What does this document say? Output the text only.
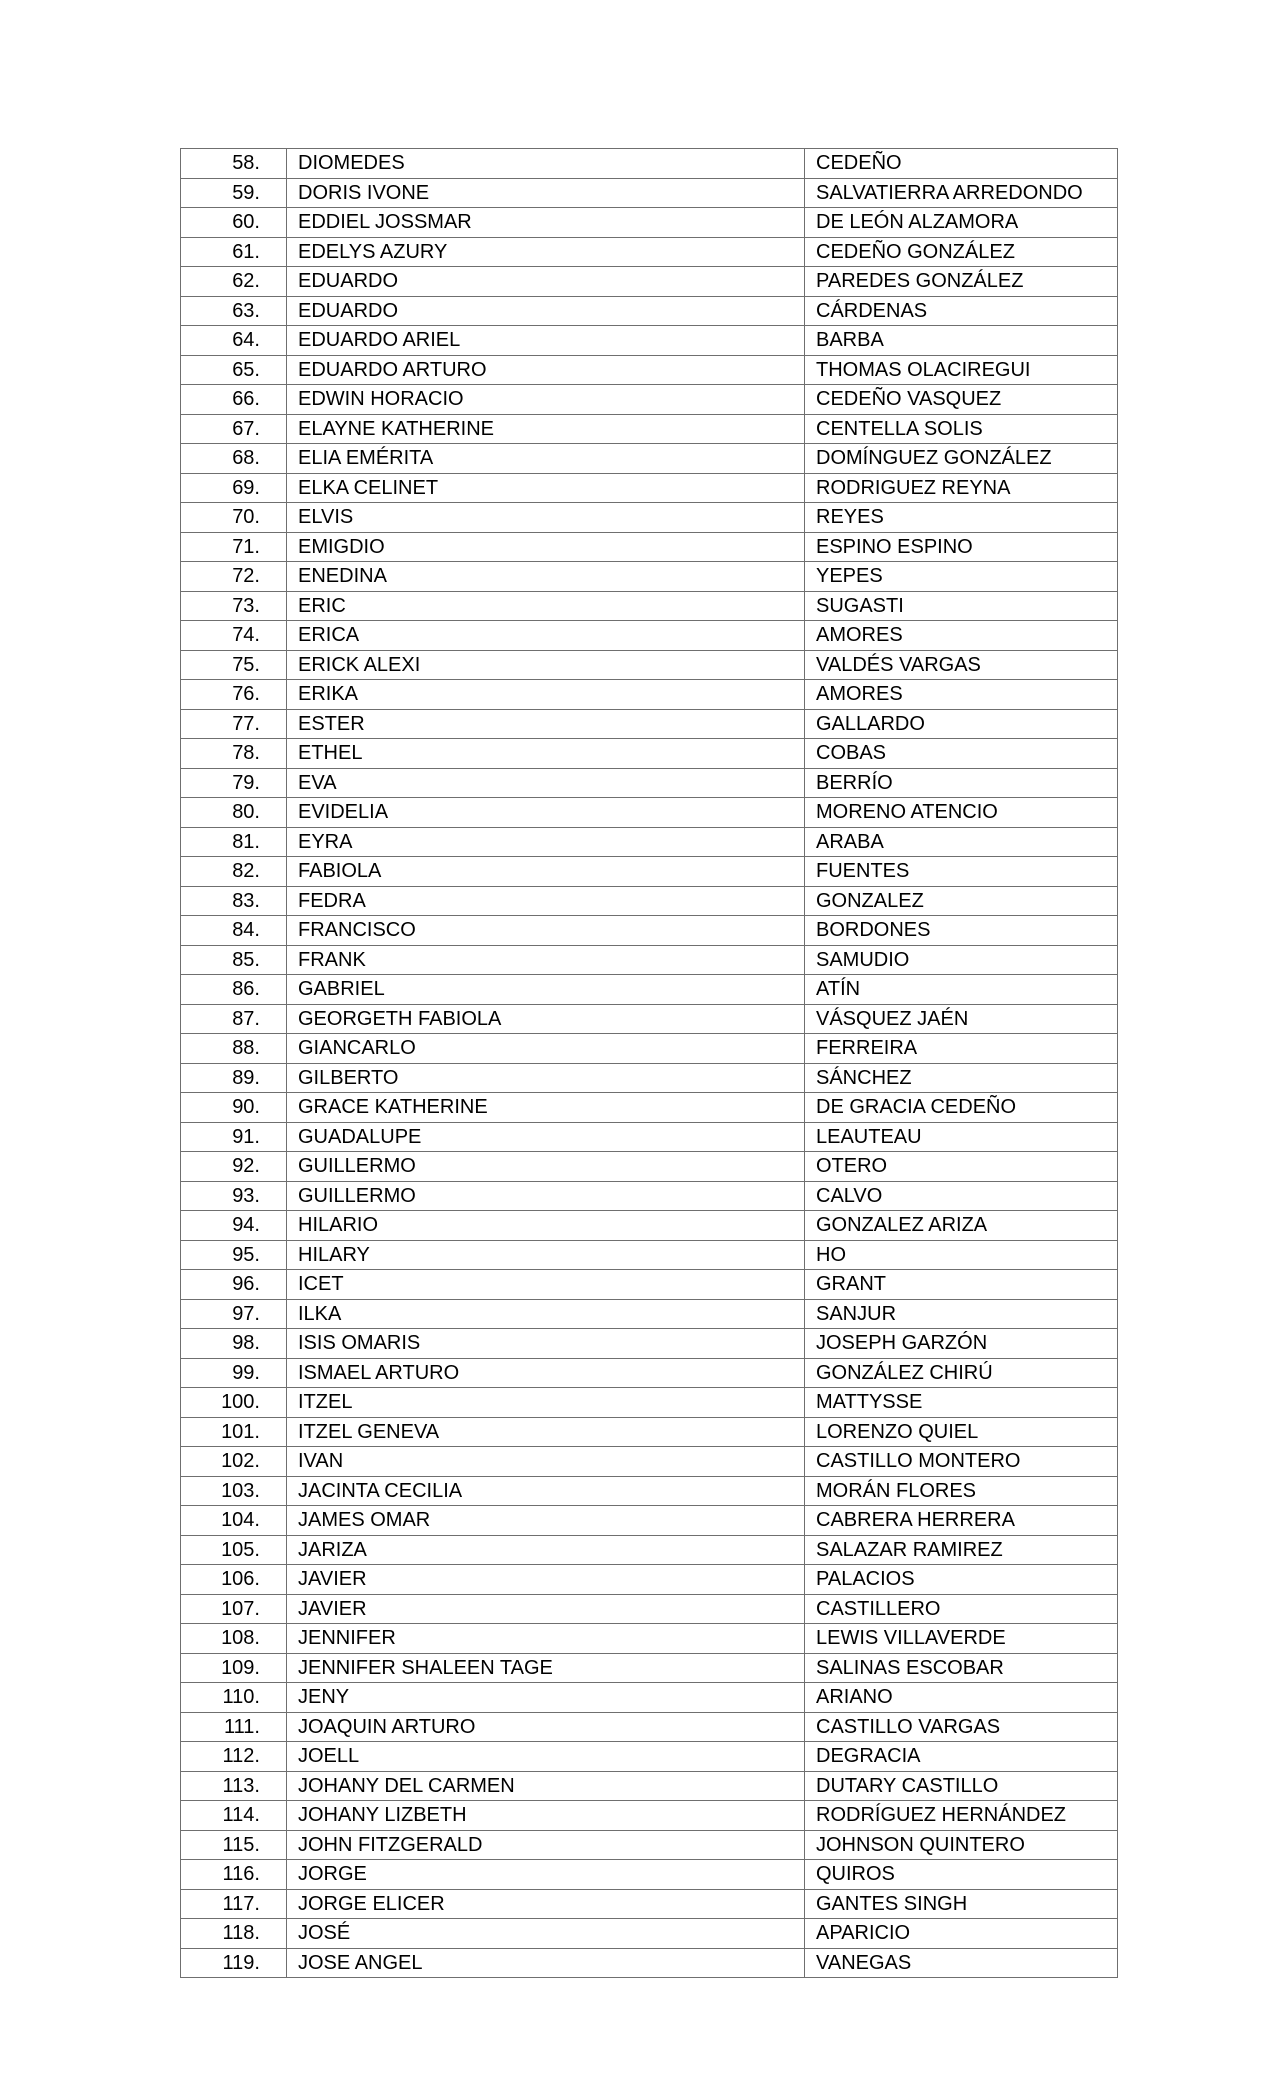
58.	DIOMEDES	CEDEÑO
59.	DORIS IVONE	SALVATIERRA ARREDONDO
60.	EDDIEL JOSSMAR	DE LEÓN ALZAMORA
61.	EDELYS AZURY	CEDEÑO GONZÁLEZ
62.	EDUARDO	PAREDES GONZÁLEZ
63.	EDUARDO	CÁRDENAS
64.	EDUARDO ARIEL	BARBA
65.	EDUARDO ARTURO	THOMAS OLACIREGUI
66.	EDWIN HORACIO	CEDEÑO VASQUEZ
67.	ELAYNE KATHERINE	CENTELLA SOLIS
68.	ELIA EMÉRITA	DOMÍNGUEZ GONZÁLEZ
69.	ELKA CELINET	RODRIGUEZ REYNA
70.	ELVIS	REYES
71.	EMIGDIO	ESPINO ESPINO
72.	ENEDINA	YEPES
73.	ERIC	SUGASTI
74.	ERICA	AMORES
75.	ERICK ALEXI	VALDÉS VARGAS
76.	ERIKA	AMORES
77.	ESTER	GALLARDO
78.	ETHEL	COBAS
79.	EVA	BERRÍO
80.	EVIDELIA	MORENO ATENCIO
81.	EYRA	ARABA
82.	FABIOLA	FUENTES
83.	FEDRA	GONZALEZ
84.	FRANCISCO	BORDONES
85.	FRANK	SAMUDIO
86.	GABRIEL	ATÍN
87.	GEORGETH FABIOLA	VÁSQUEZ JAÉN
88.	GIANCARLO	FERREIRA
89.	GILBERTO	SÁNCHEZ
90.	GRACE KATHERINE	DE GRACIA CEDEÑO
91.	GUADALUPE	LEAUTEAU
92.	GUILLERMO	OTERO
93.	GUILLERMO	CALVO
94.	HILARIO	GONZALEZ ARIZA
95.	HILARY	HO
96.	ICET	GRANT
97.	ILKA	SANJUR
98.	ISIS OMARIS	JOSEPH GARZÓN
99.	ISMAEL ARTURO	GONZÁLEZ CHIRÚ
100.	ITZEL	MATTYSSE
101.	ITZEL GENEVA	LORENZO QUIEL
102.	IVAN	CASTILLO MONTERO
103.	JACINTA CECILIA	MORÁN FLORES
104.	JAMES OMAR	CABRERA HERRERA
105.	JARIZA	SALAZAR RAMIREZ
106.	JAVIER	PALACIOS
107.	JAVIER	CASTILLERO
108.	JENNIFER	LEWIS VILLAVERDE
109.	JENNIFER SHALEEN TAGE	SALINAS ESCOBAR
110.	JENY	ARIANO
111.	JOAQUIN ARTURO	CASTILLO VARGAS
112.	JOELL	DEGRACIA
113.	JOHANY DEL CARMEN	DUTARY CASTILLO
114.	JOHANY LIZBETH	RODRÍGUEZ HERNÁNDEZ
115.	JOHN FITZGERALD	JOHNSON QUINTERO
116.	JORGE	QUIROS
117.	JORGE ELICER	GANTES SINGH
118.	JOSÉ	APARICIO
119.	JOSE ANGEL	VANEGAS
